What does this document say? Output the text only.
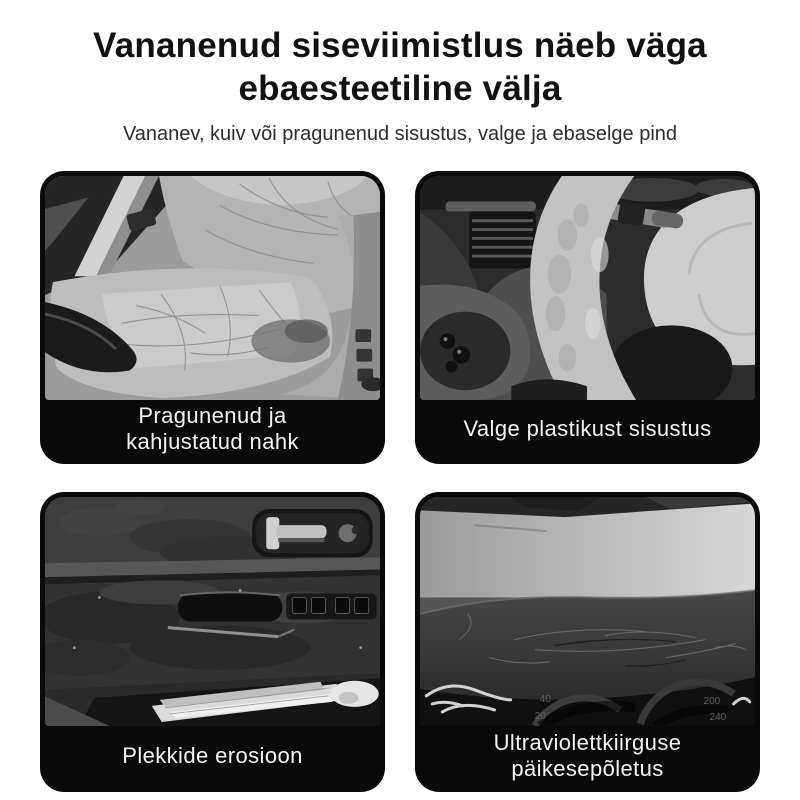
Vananenud siseviimistlus näeb väga
ebaesteetiline välja

Vananev, kuiv või pragunenud sisustus, valge ja ebaselge pind

Pragunenud ja kahjustatud nahk
Valge plastikust sisustus
Plekkide erosioon
40
20
200
240
Ultraviolettkiirguse päikesepõletus
